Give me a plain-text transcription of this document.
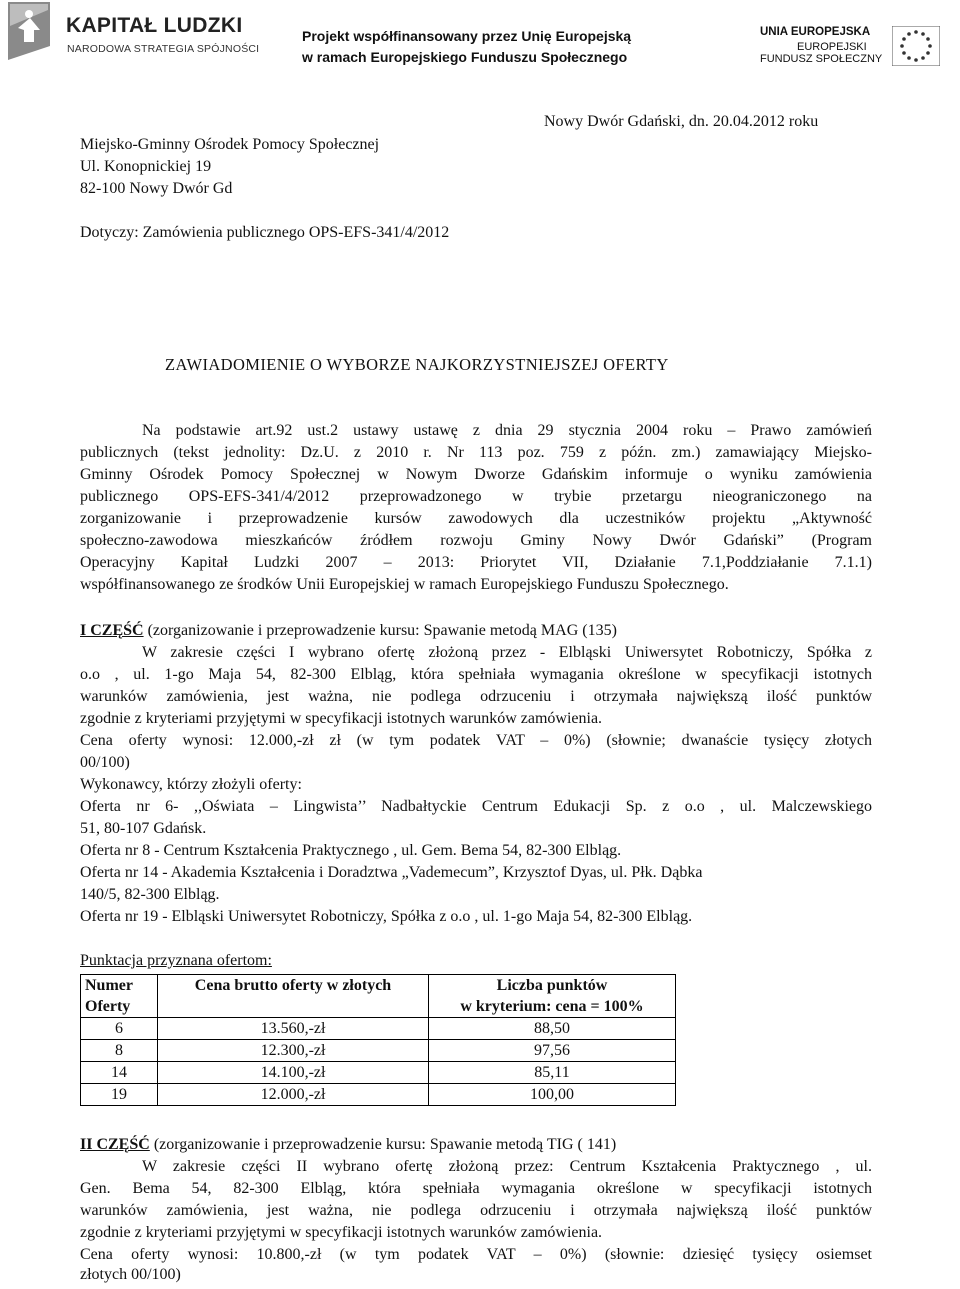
KAPITAŁ LUDZKI
NARODOWA STRATEGIA SPÓJNOŚCI
Projekt współfinansowany przez Unię Europejską
w ramach Europejskiego Funduszu Społecznego
UNIA EUROPEJSKA
EUROPEJSKI
FUNDUSZ SPOŁECZNY
Nowy Dwór Gdański, dn. 20.04.2012 roku
Miejsko-Gminny Ośrodek Pomocy Społecznej
Ul. Konopnickiej 19
82-100 Nowy Dwór Gd
Dotyczy: Zamówienia publicznego OPS-EFS-341/4/2012
ZAWIADOMIENIE O WYBORZE NAJKORZYSTNIEJSZEJ OFERTY
Na podstawie art.92 ust.2 ustawy ustawę z dnia 29 stycznia 2004 roku – Prawo zamówień
publicznych (tekst jednolity: Dz.U. z 2010 r. Nr 113 poz. 759 z późn. zm.) zamawiający Miejsko-
Gminny Ośrodek Pomocy Społecznej w Nowym Dworze Gdańskim informuje o wyniku zamówienia
publicznego OPS-EFS-341/4/2012 przeprowadzonego w trybie przetargu nieograniczonego na
zorganizowanie i przeprowadzenie kursów zawodowych dla uczestników projektu „Aktywność
społeczno-zawodowa mieszkańców źródłem rozwoju Gminy Nowy Dwór Gdański” (Program
Operacyjny Kapitał Ludzki 2007 – 2013: Priorytet VII, Działanie 7.1,Poddziałanie 7.1.1)
współfinansowanego ze środków Unii Europejskiej w ramach Europejskiego Funduszu Społecznego.
I CZĘŚĆ (zorganizowanie i przeprowadzenie kursu: Spawanie metodą MAG (135)
W zakresie części I wybrano ofertę złożoną przez - Elbląski Uniwersytet Robotniczy, Spółka z
o.o , ul. 1-go Maja 54, 82-300 Elbląg, która spełniała wymagania określone w specyfikacji istotnych
warunków zamówienia, jest ważna, nie podlega odrzuceniu i otrzymała największą ilość punktów
zgodnie z kryteriami przyjętymi w specyfikacji istotnych warunków zamówienia.
Cena oferty wynosi: 12.000,-zł zł (w tym podatek VAT – 0%) (słownie; dwanaście tysięcy złotych
00/100)
Wykonawcy, którzy złożyli oferty:
Oferta nr 6- ,,Oświata – Lingwista’’ Nadbałtyckie Centrum Edukacji Sp. z o.o , ul. Malczewskiego
51, 80-107 Gdańsk.
Oferta nr 8 - Centrum Kształcenia Praktycznego , ul. Gem. Bema 54, 82-300 Elbląg.
Oferta nr 14 - Akademia Kształcenia i Doradztwa „Vademecum”, Krzysztof Dyas, ul. Płk. Dąbka
140/5, 82-300 Elbląg.
Oferta nr 19 - Elbląski Uniwersytet Robotniczy, Spółka z o.o , ul. 1-go Maja 54, 82-300 Elbląg.
Punktacja przyznana ofertom:
Numer
Oferty	Cena brutto oferty w złotych	Liczba punktów
w kryterium: cena = 100%
6	13.560,-zł	88,50
8	12.300,-zł	97,56
14	14.100,-zł	85,11
19	12.000,-zł	100,00
II CZĘŚĆ (zorganizowanie i przeprowadzenie kursu: Spawanie metodą TIG ( 141)
W zakresie części II wybrano ofertę złożoną przez: Centrum Kształcenia Praktycznego , ul.
Gen. Bema 54, 82-300 Elbląg, która spełniała wymagania określone w specyfikacji istotnych
warunków zamówienia, jest ważna, nie podlega odrzuceniu i otrzymała największą ilość punktów
zgodnie z kryteriami przyjętymi w specyfikacji istotnych warunków zamówienia.
Cena oferty wynosi: 10.800,-zł (w tym podatek VAT – 0%) (słownie: dziesięć tysięcy osiemset
złotych 00/100)
